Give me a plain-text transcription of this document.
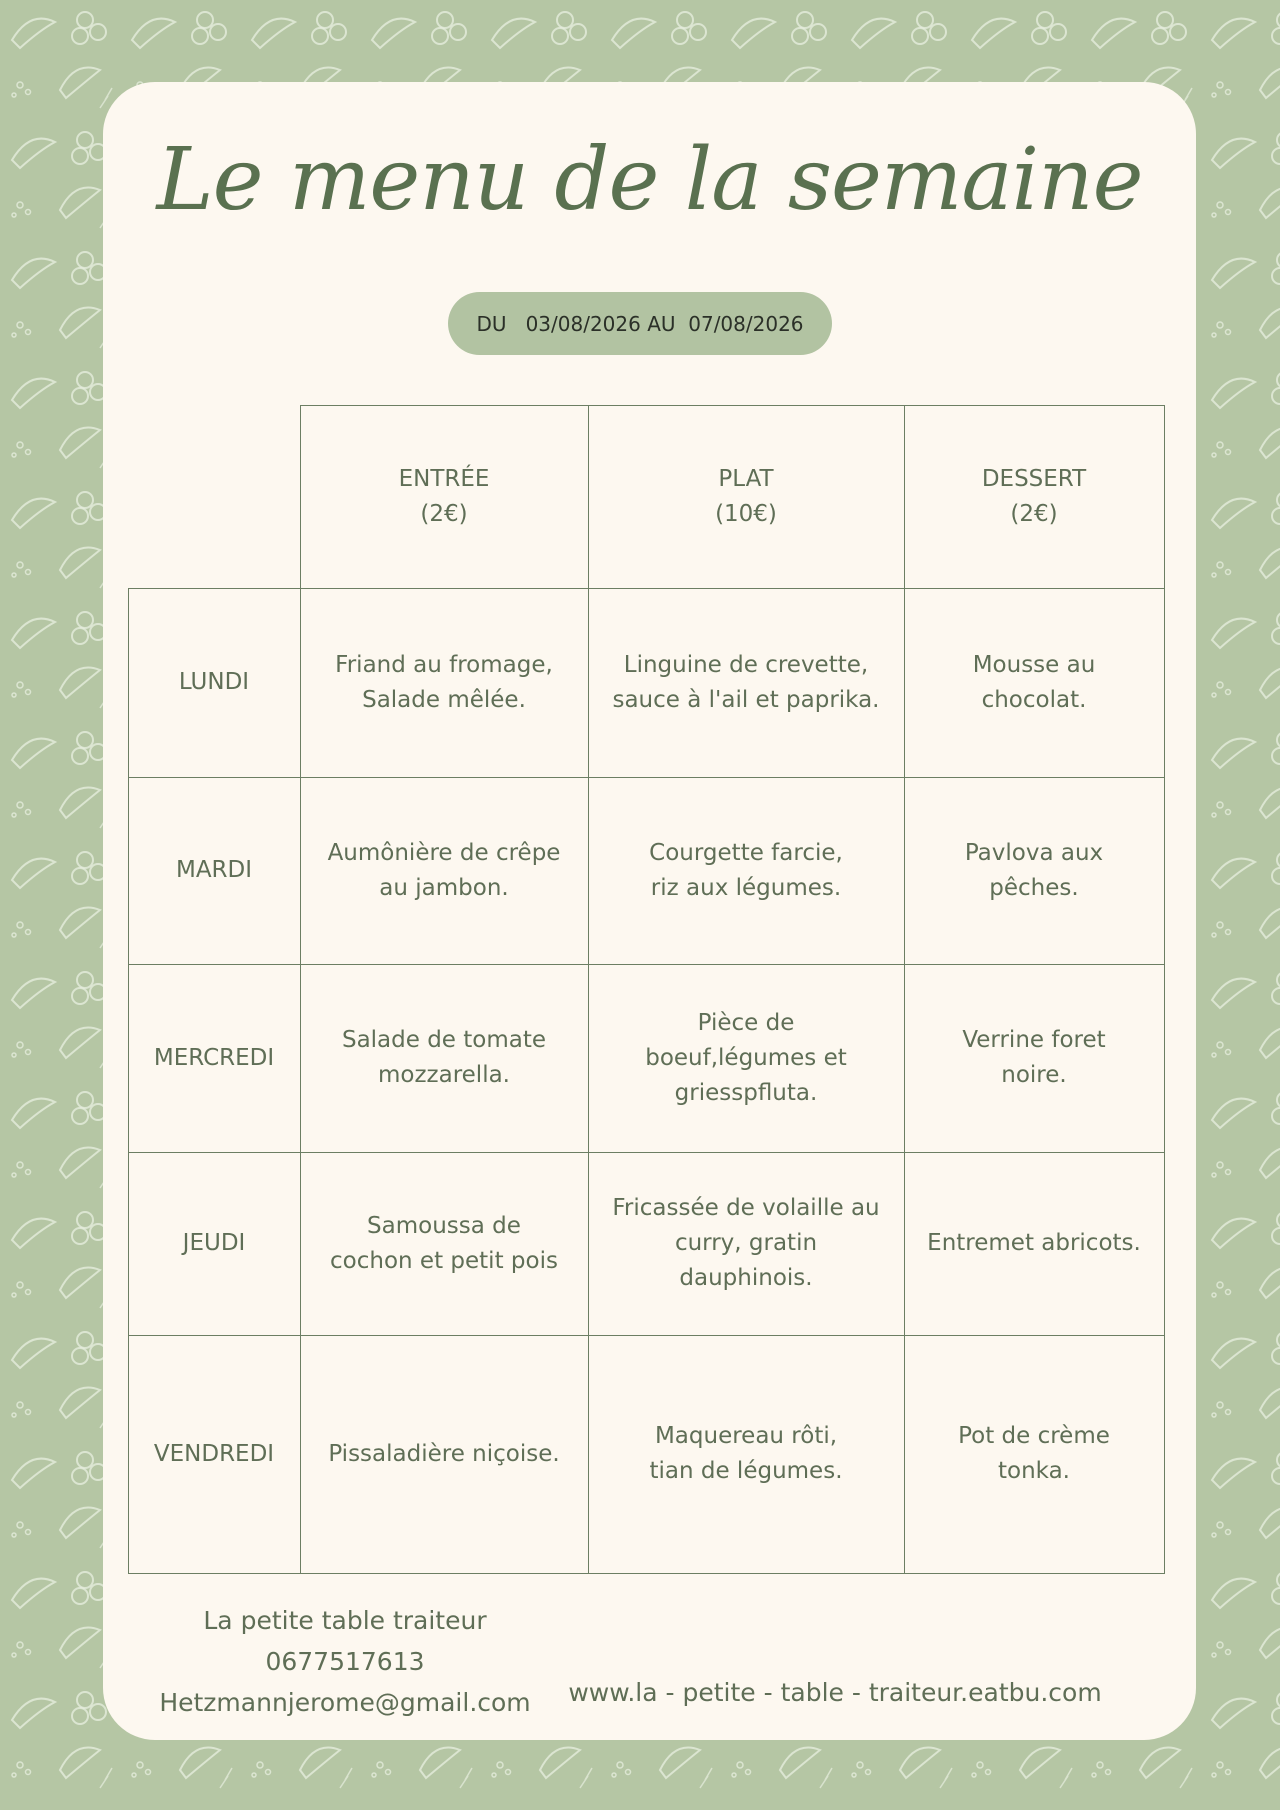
Le menu de la semaine
DU   03/08/2026 AU  07/08/2026
ENTRÉE
(2€)
PLAT
(10€)
DESSERT
(2€)
LUNDI
Friand au fromage,
Salade mêlée.
Linguine de crevette,
sauce à l'ail et paprika.
Mousse au
chocolat.
MARDI
Aumônière de crêpe
au jambon.
Courgette farcie,
riz aux légumes.
Pavlova aux
pêches.
MERCREDI
Salade de tomate
mozzarella.
Pièce de
boeuf,légumes et
griesspfluta.
Verrine foret
noire.
JEUDI
Samoussa de
cochon et petit pois
Fricassée de volaille au
curry, gratin
dauphinois.
Entremet abricots.
VENDREDI	Pissaladière niçoise.
Maquereau rôti,
tian de légumes.
Pot de crème
tonka.
La petite table traiteur
0677517613
Hetzmannjerome@gmail.com	www.la - petite - table - traiteur.eatbu.com
